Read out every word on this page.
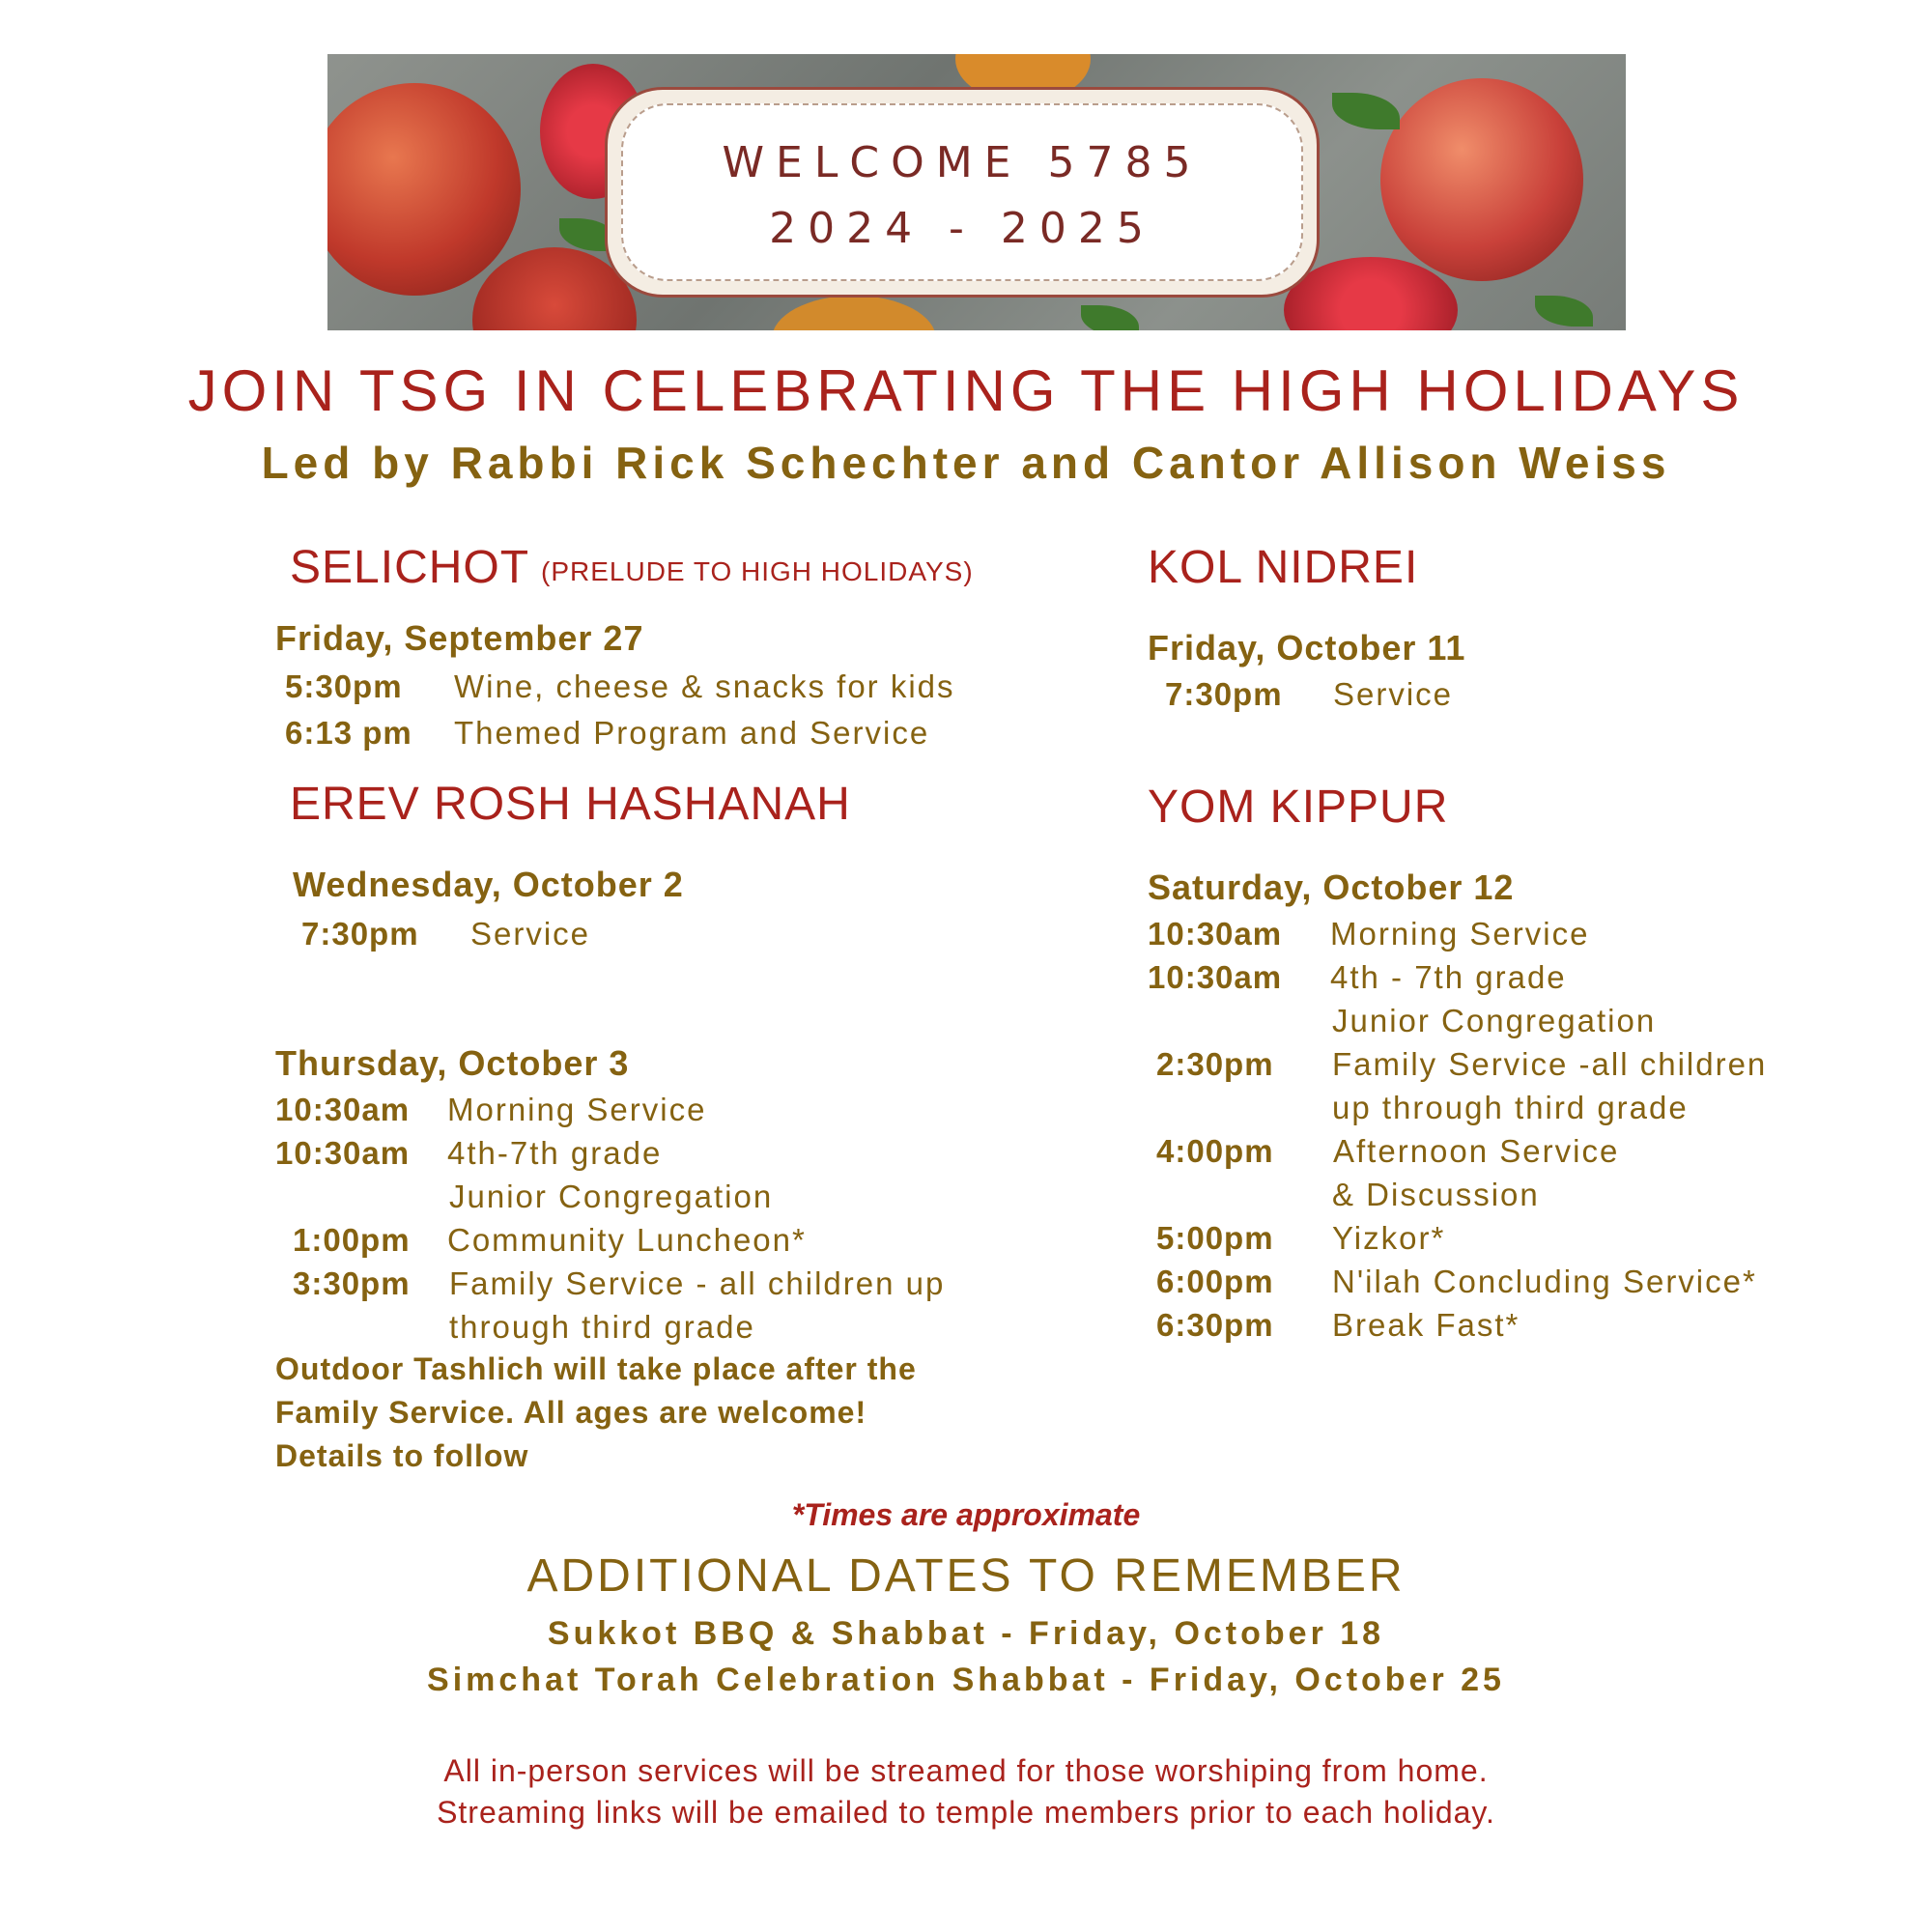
WELCOME 5785
2024 - 2025
JOIN TSG IN CELEBRATING THE HIGH HOLIDAYS
Led by Rabbi Rick Schechter and Cantor Allison Weiss
SELICHOT (PRELUDE TO HIGH HOLIDAYS)
Friday, September 27
5:30pm Wine, cheese & snacks for kids
6:13 pm Themed Program and Service
EREV ROSH HASHANAH
Wednesday, October 2
7:30pm Service
Thursday, October 3
10:30am Morning Service
10:30am 4th-7th grade
Junior Congregation
1:00pm Community Luncheon*
3:30pm Family Service - all children up
through third grade
Outdoor Tashlich will take place after the
Family Service. All ages are welcome!
Details to follow
KOL NIDREI
Friday, October 11
7:30pm Service
YOM KIPPUR
Saturday, October 12
10:30am Morning Service
10:30am 4th - 7th grade
Junior Congregation
2:30pm Family Service -all children
up through third grade
4:00pm Afternoon Service
& Discussion
5:00pm Yizkor*
6:00pm N'ilah Concluding Service*
6:30pm Break Fast*
*Times are approximate
ADDITIONAL DATES TO REMEMBER
Sukkot BBQ & Shabbat - Friday, October 18
Simchat Torah Celebration Shabbat - Friday, October 25
All in-person services will be streamed for those worshiping from home.
Streaming links will be emailed to temple members prior to each holiday.
